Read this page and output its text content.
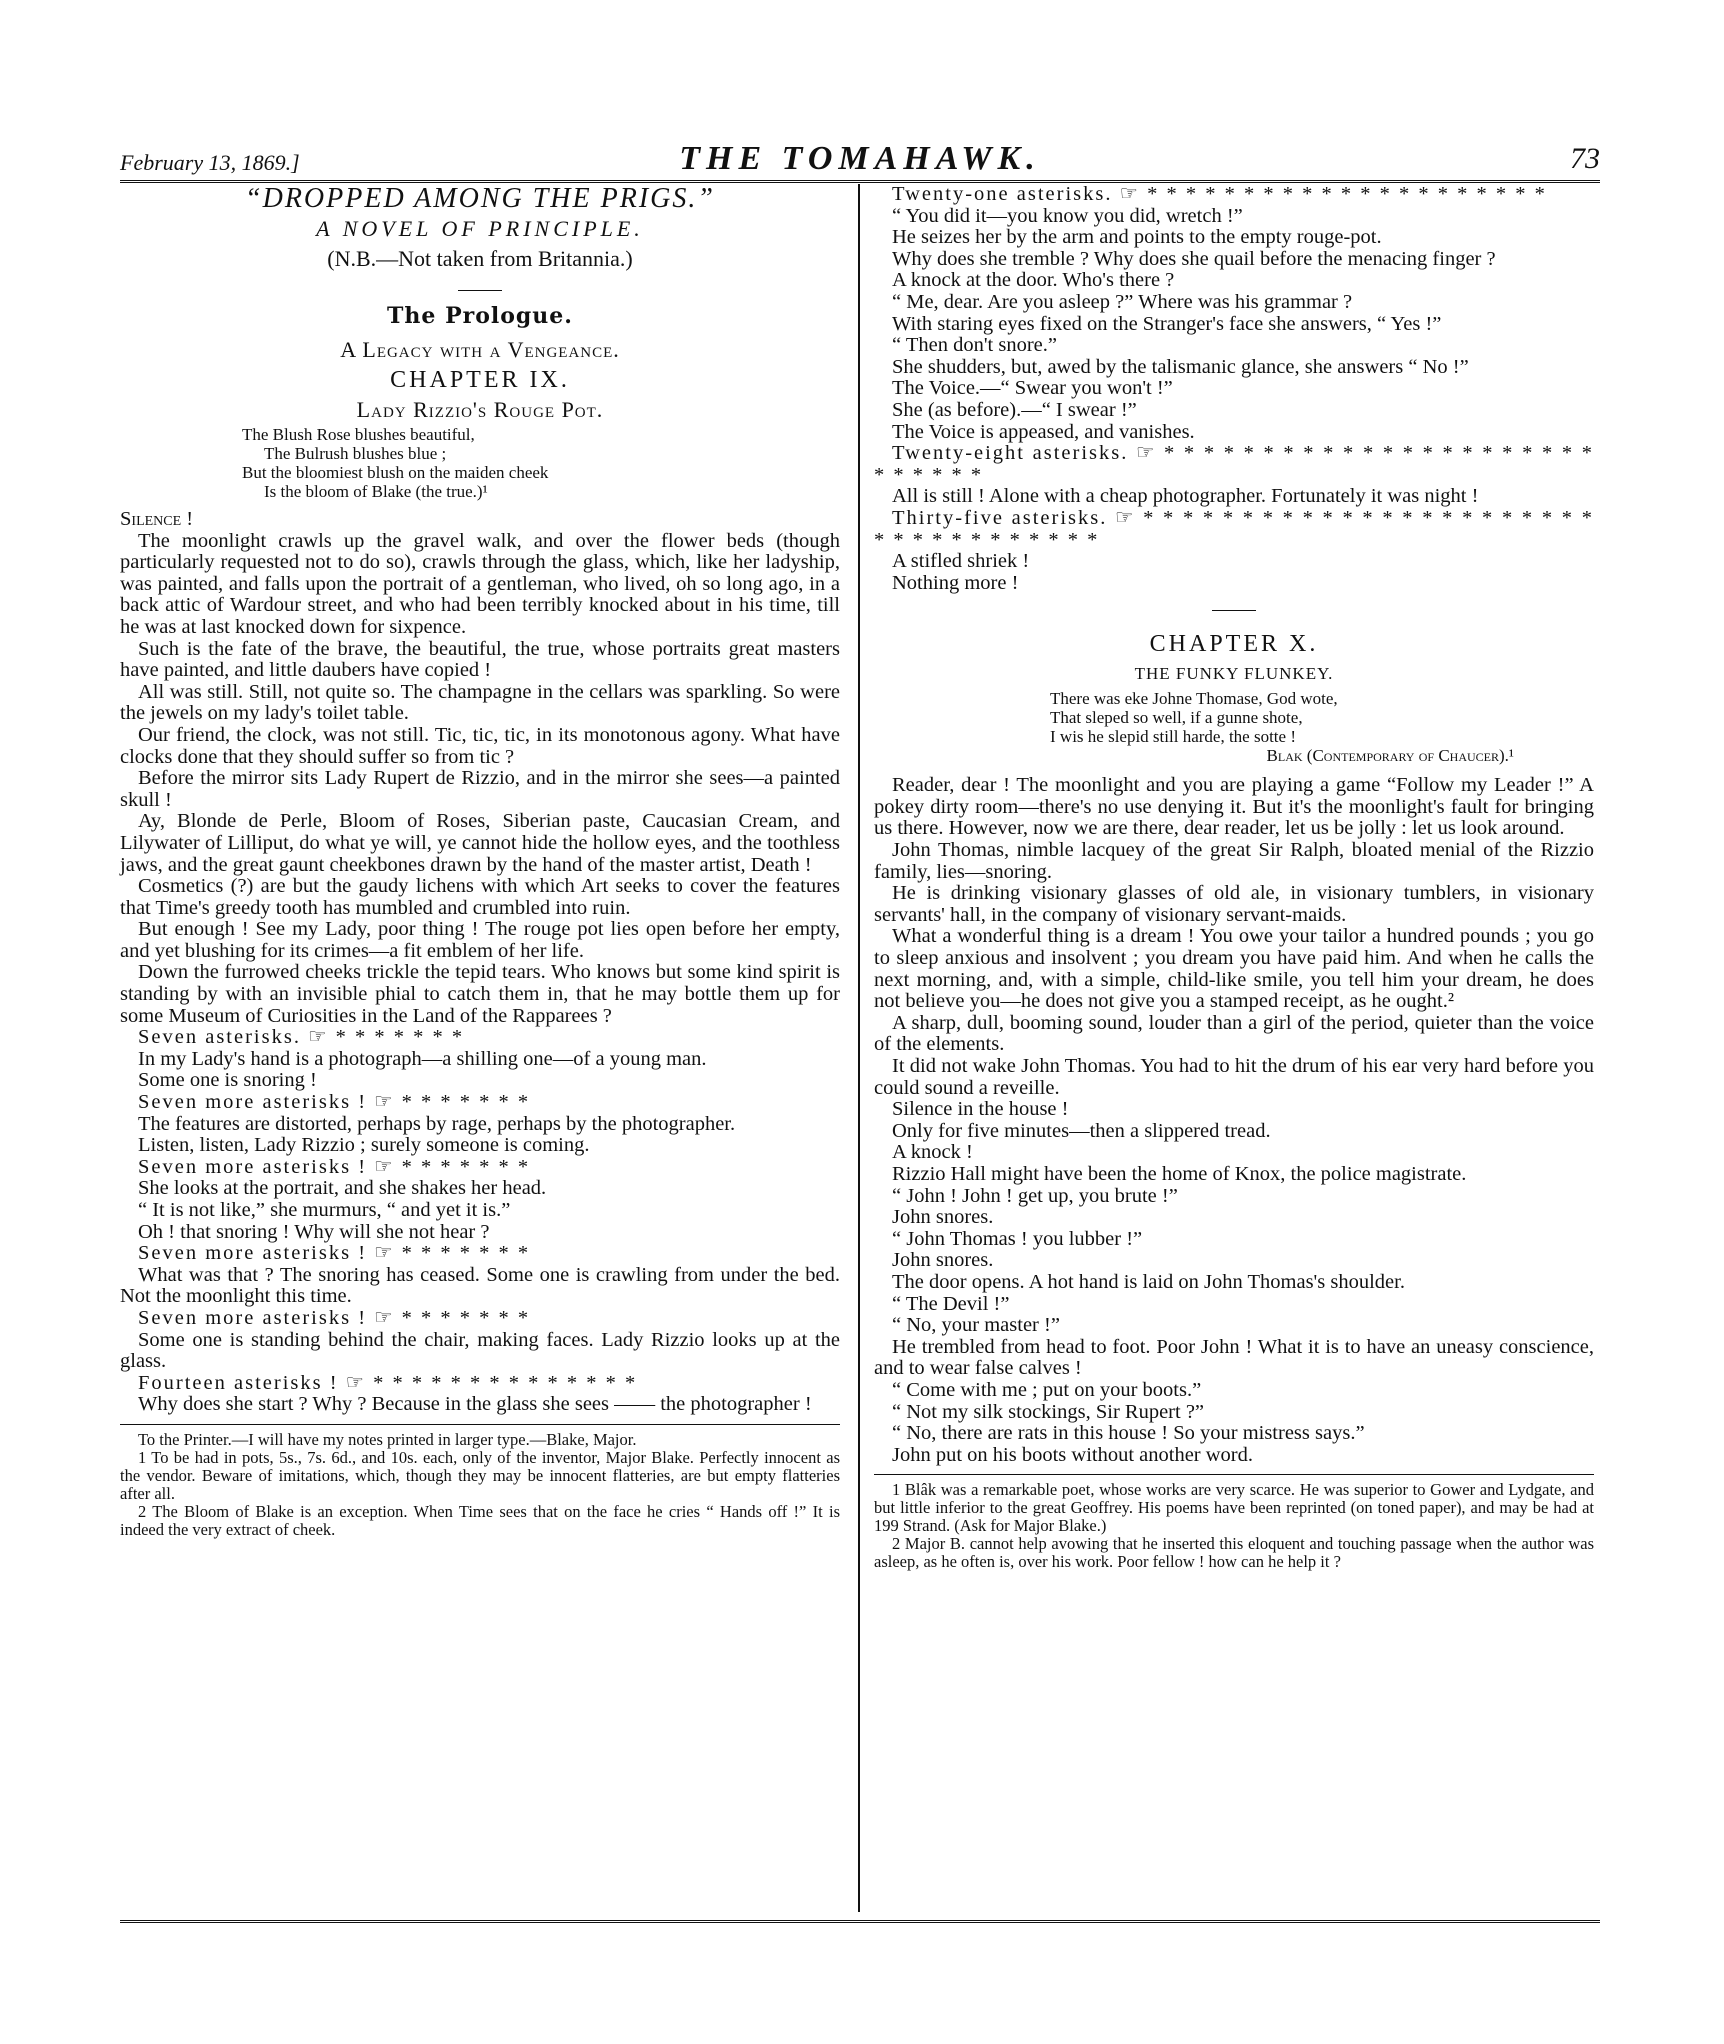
February 13, 1869.]	THE TOMAHAWK.	73
“DROPPED AMONG THE PRIGS.”
A NOVEL OF PRINCIPLE.
(N.B.—Not taken from Britannia.)
The Prologue.
A Legacy with a Vengeance.
CHAPTER IX.
Lady Rizzio's Rouge Pot.

The Blush Rose blushes beautiful,

The Bulrush blushes blue ;

But the bloomiest blush on the maiden cheek

Is the bloom of Blake (the true.)¹

Silence !

The moonlight crawls up the gravel walk, and over the flower beds (though particularly requested not to do so), crawls through the glass, which, like her ladyship, was painted, and falls upon the portrait of a gentleman, who lived, oh so long ago, in a back attic of Wardour street, and who had been terribly knocked about in his time, till he was at last knocked down for sixpence.

Such is the fate of the brave, the beautiful, the true, whose portraits great masters have painted, and little daubers have copied !

All was still. Still, not quite so. The champagne in the cellars was sparkling. So were the jewels on my lady's toilet table.

Our friend, the clock, was not still. Tic, tic, tic, in its monotonous agony. What have clocks done that they should suffer so from tic ?

Before the mirror sits Lady Rupert de Rizzio, and in the mirror she sees—a painted skull !

Ay, Blonde de Perle, Bloom of Roses, Siberian paste, Caucasian Cream, and Lilywater of Lilliput, do what ye will, ye cannot hide the hollow eyes, and the toothless jaws, and the great gaunt cheekbones drawn by the hand of the master artist, Death !

Cosmetics (?) are but the gaudy lichens with which Art seeks to cover the features that Time's greedy tooth has mumbled and crumbled into ruin.

But enough ! See my Lady, poor thing ! The rouge pot lies open before her empty, and yet blushing for its crimes—a fit emblem of her life.

Down the furrowed cheeks trickle the tepid tears. Who knows but some kind spirit is standing by with an invisible phial to catch them in, that he may bottle them up for some Museum of Curiosities in the Land of the Rapparees ?

Seven asterisks. ☞ * * * * * * *

In my Lady's hand is a photograph—a shilling one—of a young man.

Some one is snoring !

Seven more asterisks ! ☞ * * * * * * *

The features are distorted, perhaps by rage, perhaps by the photographer.

Listen, listen, Lady Rizzio ; surely someone is coming.

Seven more asterisks ! ☞ * * * * * * *

She looks at the portrait, and she shakes her head.

“ It is not like,” she murmurs, “ and yet it is.”

Oh ! that snoring ! Why will she not hear ?

Seven more asterisks ! ☞ * * * * * * *

What was that ? The snoring has ceased. Some one is crawling from under the bed. Not the moonlight this time.

Seven more asterisks ! ☞ * * * * * * *

Some one is standing behind the chair, making faces. Lady Rizzio looks up at the glass.

Fourteen asterisks ! ☞ * * * * * * * * * * * * * *

Why does she start ? Why ? Because in the glass she sees —— the photographer !

To the Printer.—I will have my notes printed in larger type.—Blake, Major.

1 To be had in pots, 5s., 7s. 6d., and 10s. each, only of the inventor, Major Blake. Perfectly innocent as the vendor. Beware of imitations, which, though they may be innocent flatteries, are but empty flatteries after all.

2 The Bloom of Blake is an exception. When Time sees that on the face he cries “ Hands off !” It is indeed the very extract of cheek.

Twenty-one asterisks. ☞ * * * * * * * * * * * * * * * * * * * * *

“ You did it—you know you did, wretch !”

He seizes her by the arm and points to the empty rouge-pot.

Why does she tremble ? Why does she quail before the menacing finger ?

A knock at the door. Who's there ?

“ Me, dear. Are you asleep ?” Where was his grammar ?

With staring eyes fixed on the Stranger's face she answers, “ Yes !”

“ Then don't snore.”

She shudders, but, awed by the talismanic glance, she answers “ No !”

The Voice.—“ Swear you won't !”

She (as before).—“ I swear !”

The Voice is appeased, and vanishes.

Twenty-eight asterisks. ☞ * * * * * * * * * * * * * * * * * * * * * * * * * * * *

All is still ! Alone with a cheap photographer. Fortunately it was night !

Thirty-five asterisks. ☞ * * * * * * * * * * * * * * * * * * * * * * * * * * * * * * * * * * *

A stifled shriek !

Nothing more !

CHAPTER X.
THE FUNKY FLUNKEY.

There was eke Johne Thomase, God wote,

That sleped so well, if a gunne shote,

I wis he slepid still harde, the sotte !

Blak (Contemporary of Chaucer).¹

Reader, dear ! The moonlight and you are playing a game “Follow my Leader !” A pokey dirty room—there's no use denying it. But it's the moonlight's fault for bringing us there. However, now we are there, dear reader, let us be jolly : let us look around.

John Thomas, nimble lacquey of the great Sir Ralph, bloated menial of the Rizzio family, lies—snoring.

He is drinking visionary glasses of old ale, in visionary tumblers, in visionary servants' hall, in the company of visionary servant-maids.

What a wonderful thing is a dream ! You owe your tailor a hundred pounds ; you go to sleep anxious and insolvent ; you dream you have paid him. And when he calls the next morning, and, with a simple, child-like smile, you tell him your dream, he does not believe you—he does not give you a stamped receipt, as he ought.²

A sharp, dull, booming sound, louder than a girl of the period, quieter than the voice of the elements.

It did not wake John Thomas. You had to hit the drum of his ear very hard before you could sound a reveille.

Silence in the house !

Only for five minutes—then a slippered tread.

A knock !

Rizzio Hall might have been the home of Knox, the police magistrate.

“ John ! John ! get up, you brute !”

John snores.

“ John Thomas ! you lubber !”

John snores.

The door opens. A hot hand is laid on John Thomas's shoulder.

“ The Devil !”

“ No, your master !”

He trembled from head to foot. Poor John ! What it is to have an uneasy conscience, and to wear false calves !

“ Come with me ; put on your boots.”

“ Not my silk stockings, Sir Rupert ?”

“ No, there are rats in this house ! So your mistress says.”

John put on his boots without another word.

1 Blâk was a remarkable poet, whose works are very scarce. He was superior to Gower and Lydgate, and but little inferior to the great Geoffrey. His poems have been reprinted (on toned paper), and may be had at 199 Strand. (Ask for Major Blake.)

2 Major B. cannot help avowing that he inserted this eloquent and touching passage when the author was asleep, as he often is, over his work. Poor fellow ! how can he help it ?
